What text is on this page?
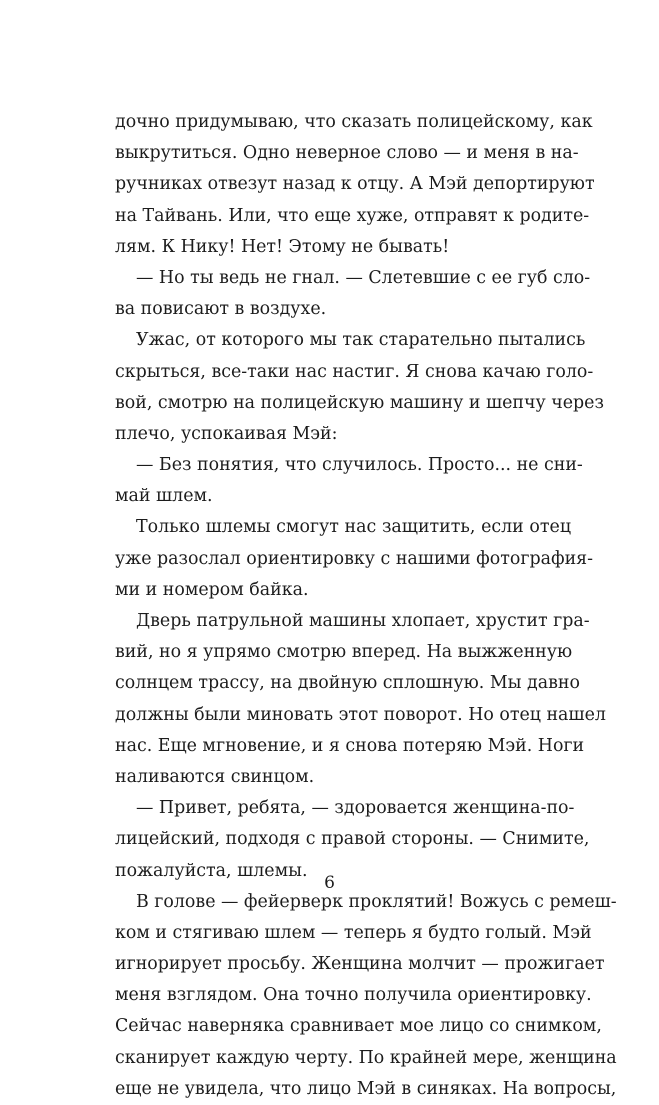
дочно придумываю, что сказать полицейскому, как
выкрутиться. Одно неверное слово — и меня в на-
ручниках отвезут назад к отцу. А Мэй депортируют
на Тайвань. Или, что еще хуже, отправят к родите-
лям. К Нику! Нет! Этому не бывать!
— Но ты ведь не гнал. — Слетевшие с ее губ сло-
ва повисают в воздухе.
Ужас, от которого мы так старательно пытались
скрыться, все-таки нас настиг. Я снова качаю голо-
вой, смотрю на полицейскую машину и шепчу через
плечо, успокаивая Мэй:
— Без понятия, что случилось. Просто... не сни-
май шлем.
Только шлемы смогут нас защитить, если отец
уже разослал ориентировку с нашими фотография-
ми и номером байка.
Дверь патрульной машины хлопает, хрустит гра-
вий, но я упрямо смотрю вперед. На выжженную
солнцем трассу, на двойную сплошную. Мы давно
должны были миновать этот поворот. Но отец нашел
нас. Еще мгновение, и я снова потеряю Мэй. Ноги
наливаются свинцом.
— Привет, ребята, — здоровается женщина-по-
лицейский, подходя с правой стороны. — Снимите,
пожалуйста, шлемы.
В голове — фейерверк проклятий! Вожусь с ремеш-
ком и стягиваю шлем — теперь я будто голый. Мэй
игнорирует просьбу. Женщина молчит — прожигает
меня взглядом. Она точно получила ориентировку.
Сейчас наверняка сравнивает мое лицо со снимком,
сканирует каждую черту. По крайней мере, женщина
еще не увидела, что лицо Мэй в синяках. На вопросы,
6
